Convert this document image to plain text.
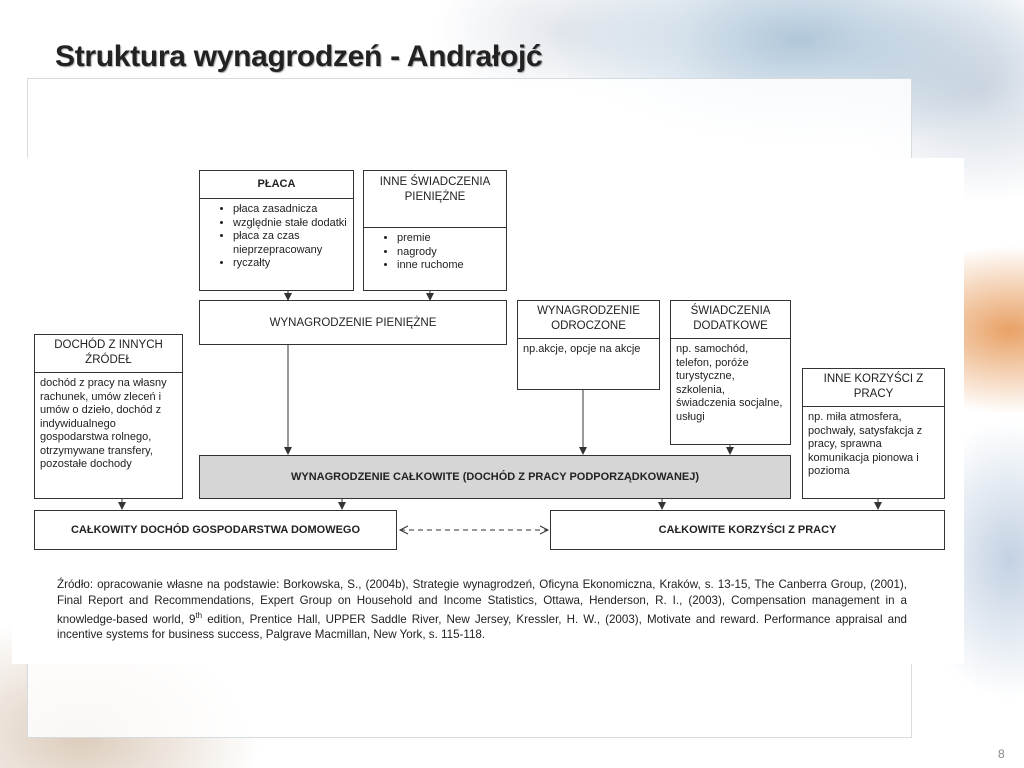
Struktura wynagrodzeń - Andrałojć
PŁACA
• płaca zasadnicza
• względnie stałe dodatki
• płaca za czas nieprzepracowany
• ryczałty
INNE ŚWIADCZENIA PIENIĘŻNE
• premie
• nagrody
• inne ruchome
WYNAGRODZENIE PIENIĘŻNE
WYNAGRODZENIE ODROCZONE
np.akcje, opcje na akcje
ŚWIADCZENIA DODATKOWE
np. samochód, telefon, poróże turystyczne, szkolenia, świadczenia socjalne, usługi
DOCHÓD Z INNYCH ŹRÓDEŁ
dochód z pracy na własny rachunek, umów zleceń i umów o dzieło, dochód z indywidualnego gospodarstwa rolnego, otrzymywane transfery, pozostałe dochody
INNE KORZYŚCI Z PRACY
np. miła atmosfera, pochwały, satysfakcja z pracy, sprawna komunikacja pionowa i pozioma
WYNAGRODZENIE CAŁKOWITE (DOCHÓD Z PRACY PODPORZĄDKOWANEJ)
CAŁKOWITY DOCHÓD GOSPODARSTWA DOMOWEGO	CAŁKOWITE KORZYŚCI Z PRACY

Źródło: opracowanie własne na podstawie: Borkowska, S., (2004b), Strategie wynagrodzeń, Oficyna Ekonomiczna, Kraków, s. 13-15, The Canberra Group, (2001), Final Report and Recommendations, Expert Group on Household and Income Statistics, Ottawa, Henderson, R. I., (2003), Compensation management in a knowledge-based world, 9th edition, Prentice Hall, UPPER Saddle River, New Jersey, Kressler, H. W., (2003), Motivate and reward. Performance appraisal and incentive systems for business success, Palgrave Macmillan, New York, s. 115-118.

8
